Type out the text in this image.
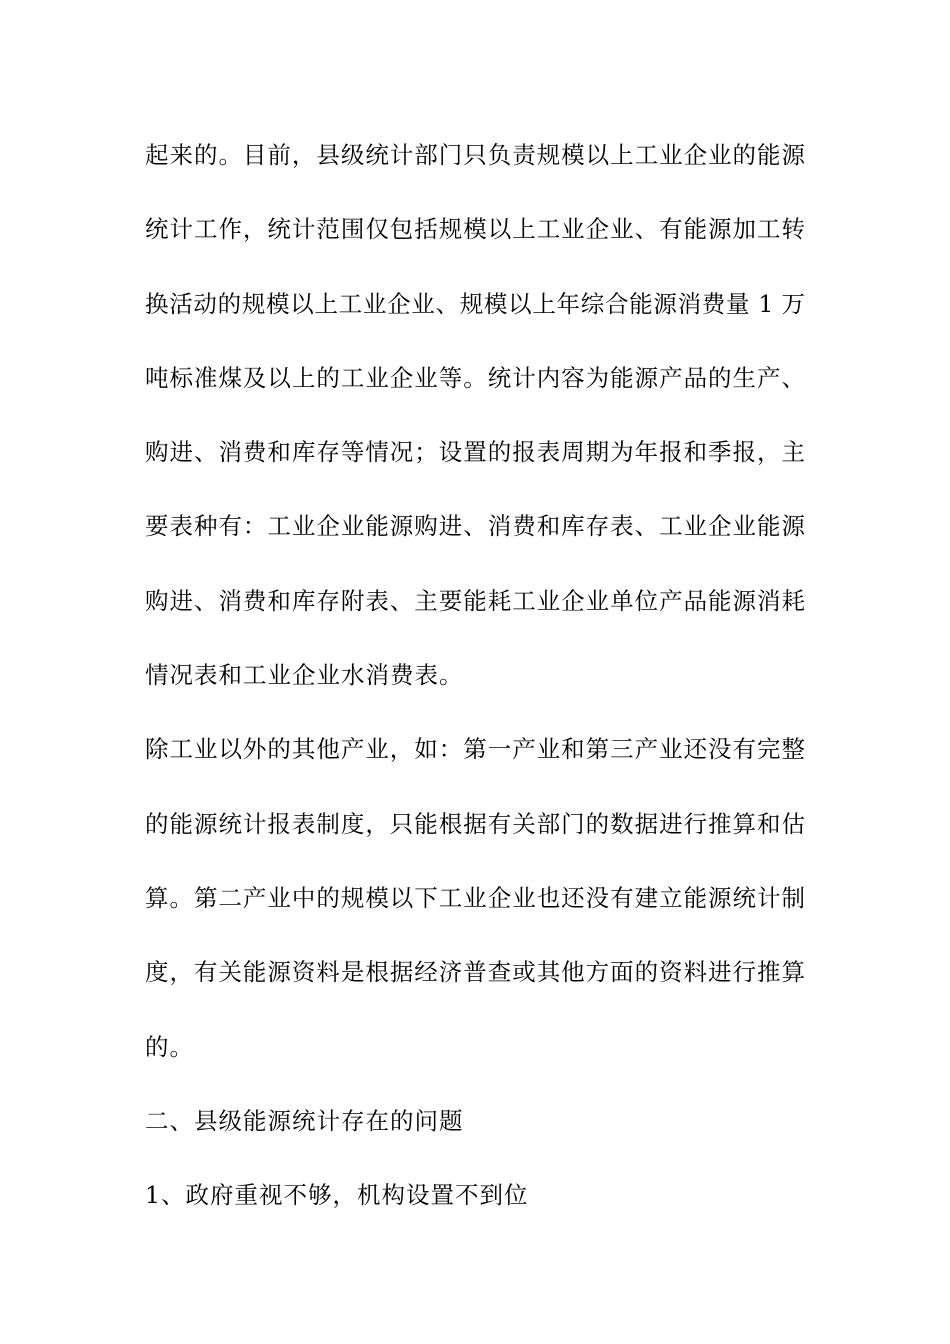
起来的。目前，县级统计部门只负责规模以上工业企业的能源
统计工作，统计范围仅包括规模以上工业企业、有能源加工转
换活动的规模以上工业企业、规模以上年综合能源消费量 1 万
吨标准煤及以上的工业企业等。统计内容为能源产品的生产、
购进、消费和库存等情况；设置的报表周期为年报和季报，主
要表种有：工业企业能源购进、消费和库存表、工业企业能源
购进、消费和库存附表、主要能耗工业企业单位产品能源消耗
情况表和工业企业水消费表。
除工业以外的其他产业，如：第一产业和第三产业还没有完整
的能源统计报表制度，只能根据有关部门的数据进行推算和估
算。第二产业中的规模以下工业企业也还没有建立能源统计制
度，有关能源资料是根据经济普查或其他方面的资料进行推算
的。
二、县级能源统计存在的问题
1、政府重视不够，机构设置不到位
